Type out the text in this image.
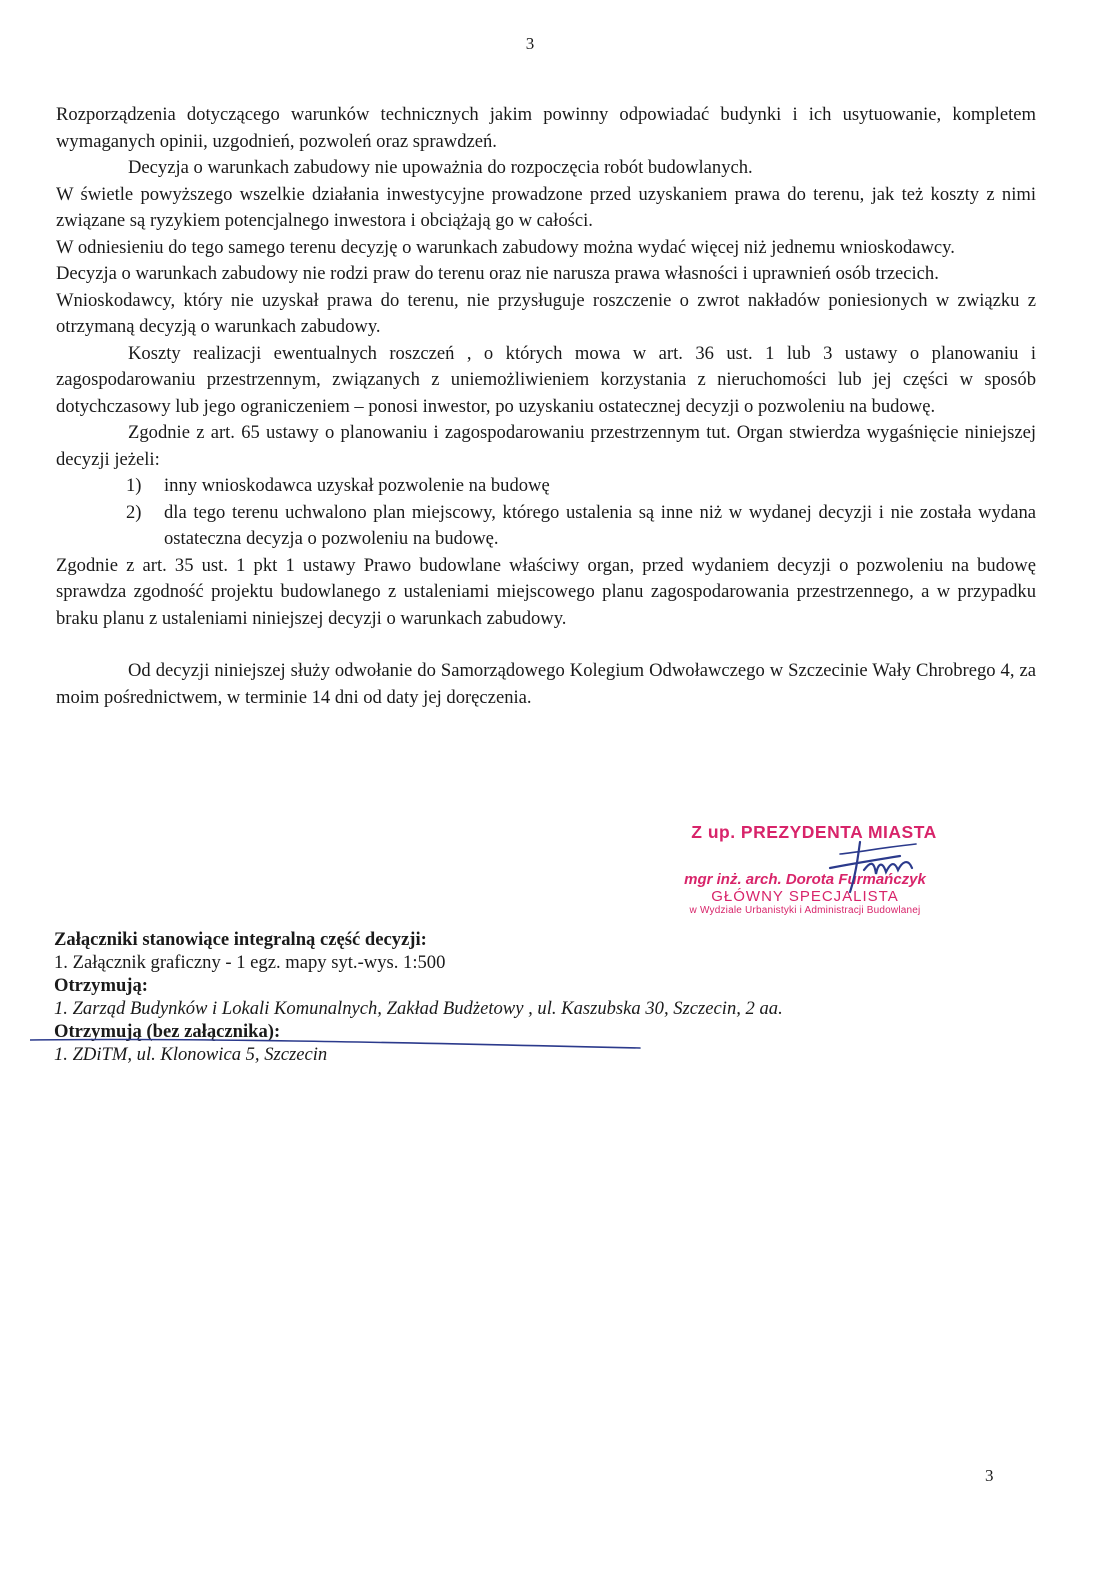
3

Rozporządzenia dotyczącego warunków technicznych jakim powinny odpowiadać budynki i ich usytuowanie, kompletem wymaganych opinii, uzgodnień, pozwoleń oraz sprawdzeń.

Decyzja o warunkach zabudowy nie upoważnia do rozpoczęcia robót budowlanych.

W świetle powyższego wszelkie działania inwestycyjne prowadzone przed uzyskaniem prawa do terenu, jak też koszty z nimi związane są ryzykiem potencjalnego inwestora i obciążają go w całości.

W odniesieniu do tego samego terenu decyzję o warunkach zabudowy można wydać więcej niż jednemu wnioskodawcy.

Decyzja o warunkach zabudowy nie rodzi praw do terenu oraz nie narusza prawa własności i uprawnień osób trzecich.

Wnioskodawcy, który nie uzyskał prawa do terenu, nie przysługuje roszczenie o zwrot nakładów poniesionych w związku z otrzymaną decyzją o warunkach zabudowy.

Koszty realizacji ewentualnych roszczeń , o których mowa w art. 36 ust. 1 lub 3 ustawy o planowaniu i zagospodarowaniu przestrzennym, związanych z uniemożliwieniem korzystania z nieruchomości lub jej części w sposób dotychczasowy lub jego ograniczeniem – ponosi inwestor, po uzyskaniu ostatecznej decyzji o pozwoleniu na budowę.

Zgodnie z art. 65 ustawy o planowaniu i zagospodarowaniu przestrzennym tut. Organ stwierdza wygaśnięcie niniejszej decyzji jeżeli:

1) inny wnioskodawca uzyskał pozwolenie na budowę
2) dla tego terenu uchwalono plan miejscowy, którego ustalenia są inne niż w wydanej decyzji i nie została wydana ostateczna decyzja o pozwoleniu na budowę.

Zgodnie z art. 35 ust. 1 pkt 1 ustawy Prawo budowlane właściwy organ, przed wydaniem decyzji o pozwoleniu na budowę sprawdza zgodność projektu budowlanego z ustaleniami miejscowego planu zagospodarowania przestrzennego, a w przypadku braku planu z ustaleniami niniejszej decyzji o warunkach zabudowy.

Od decyzji niniejszej służy odwołanie do Samorządowego Kolegium Odwoławczego w Szczecinie Wały Chrobrego 4, za moim pośrednictwem, w terminie 14 dni od daty jej doręczenia.

Z up. PREZYDENTA MIASTA
mgr inż. arch. Dorota Furmańczyk
GŁÓWNY SPECJALISTA
w Wydziale Urbanistyki i Administracji Budowlanej
Załączniki stanowiące integralną część decyzji:
1. Załącznik graficzny - 1 egz. mapy syt.-wys. 1:500
Otrzymują:
1. Zarząd Budynków i Lokali Komunalnych, Zakład Budżetowy , ul. Kaszubska 30, Szczecin, 2 aa.
Otrzymują (bez załącznika):
1. ZDiTM, ul. Klonowica 5, Szczecin
3
